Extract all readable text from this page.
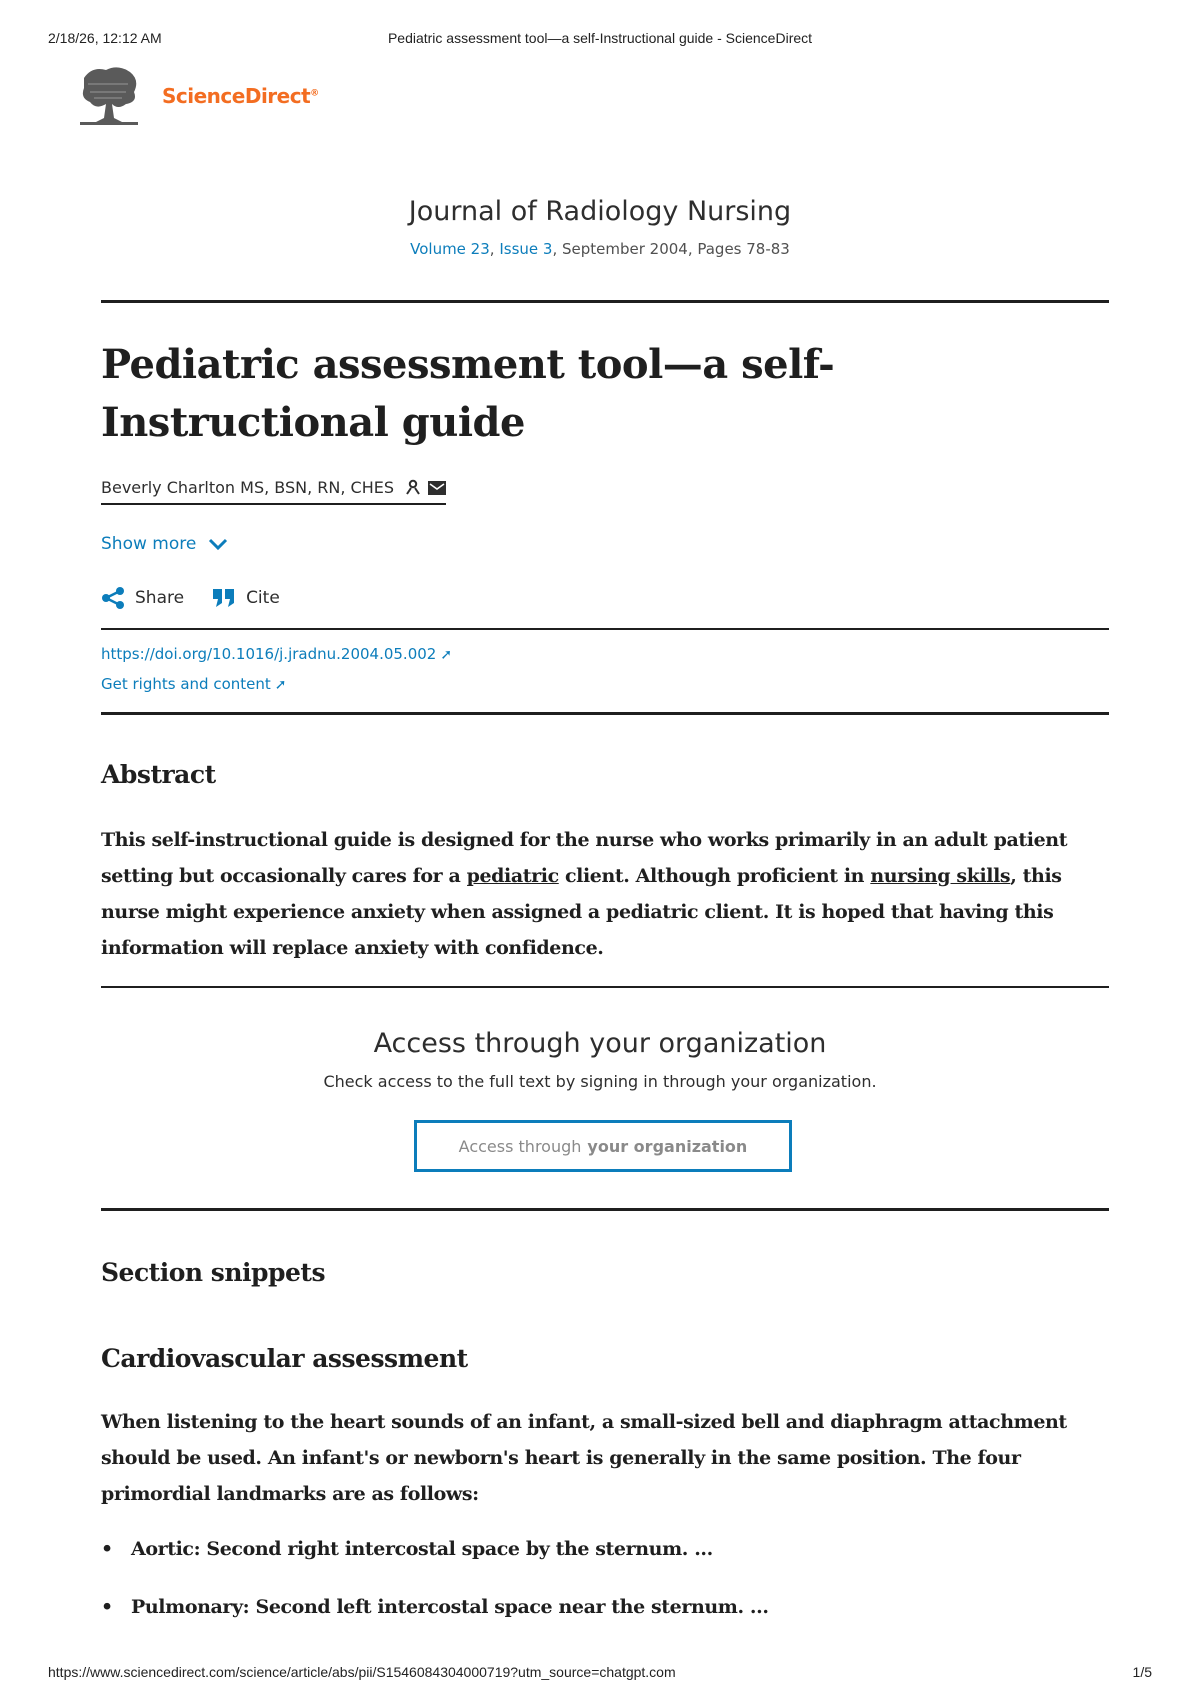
2/18/26, 12:12 AM	Pediatric assessment tool—a self-Instructional guide - ScienceDirect
ScienceDirect®
Journal of Radiology Nursing
Volume 23, Issue 3, September 2004, Pages 78-83
Pediatric assessment tool—a self-Instructional guide
Beverly Charlton MS, BSN, RN, CHES
Show more
Share	Cite
https://doi.org/10.1016/j.jradnu.2004.05.002 ➚
Get rights and content ➚
Abstract

This self-instructional guide is designed for the nurse who works primarily in an adult patient setting but occasionally cares for a pediatric client. Although proficient in nursing skills, this nurse might experience anxiety when assigned a pediatric client. It is hoped that having this information will replace anxiety with confidence.

Access through your organization
Check access to the full text by signing in through your organization.
Access through your organization
Section snippets
Cardiovascular assessment

When listening to the heart sounds of an infant, a small-sized bell and diaphragm attachment should be used. An infant's or newborn's heart is generally in the same position. The four primordial landmarks are as follows:

• Aortic: Second right intercostal space by the sternum. ...
• Pulmonary: Second left intercostal space near the sternum. ...
https://www.sciencedirect.com/science/article/abs/pii/S1546084304000719?utm_source=chatgpt.com	1/5
